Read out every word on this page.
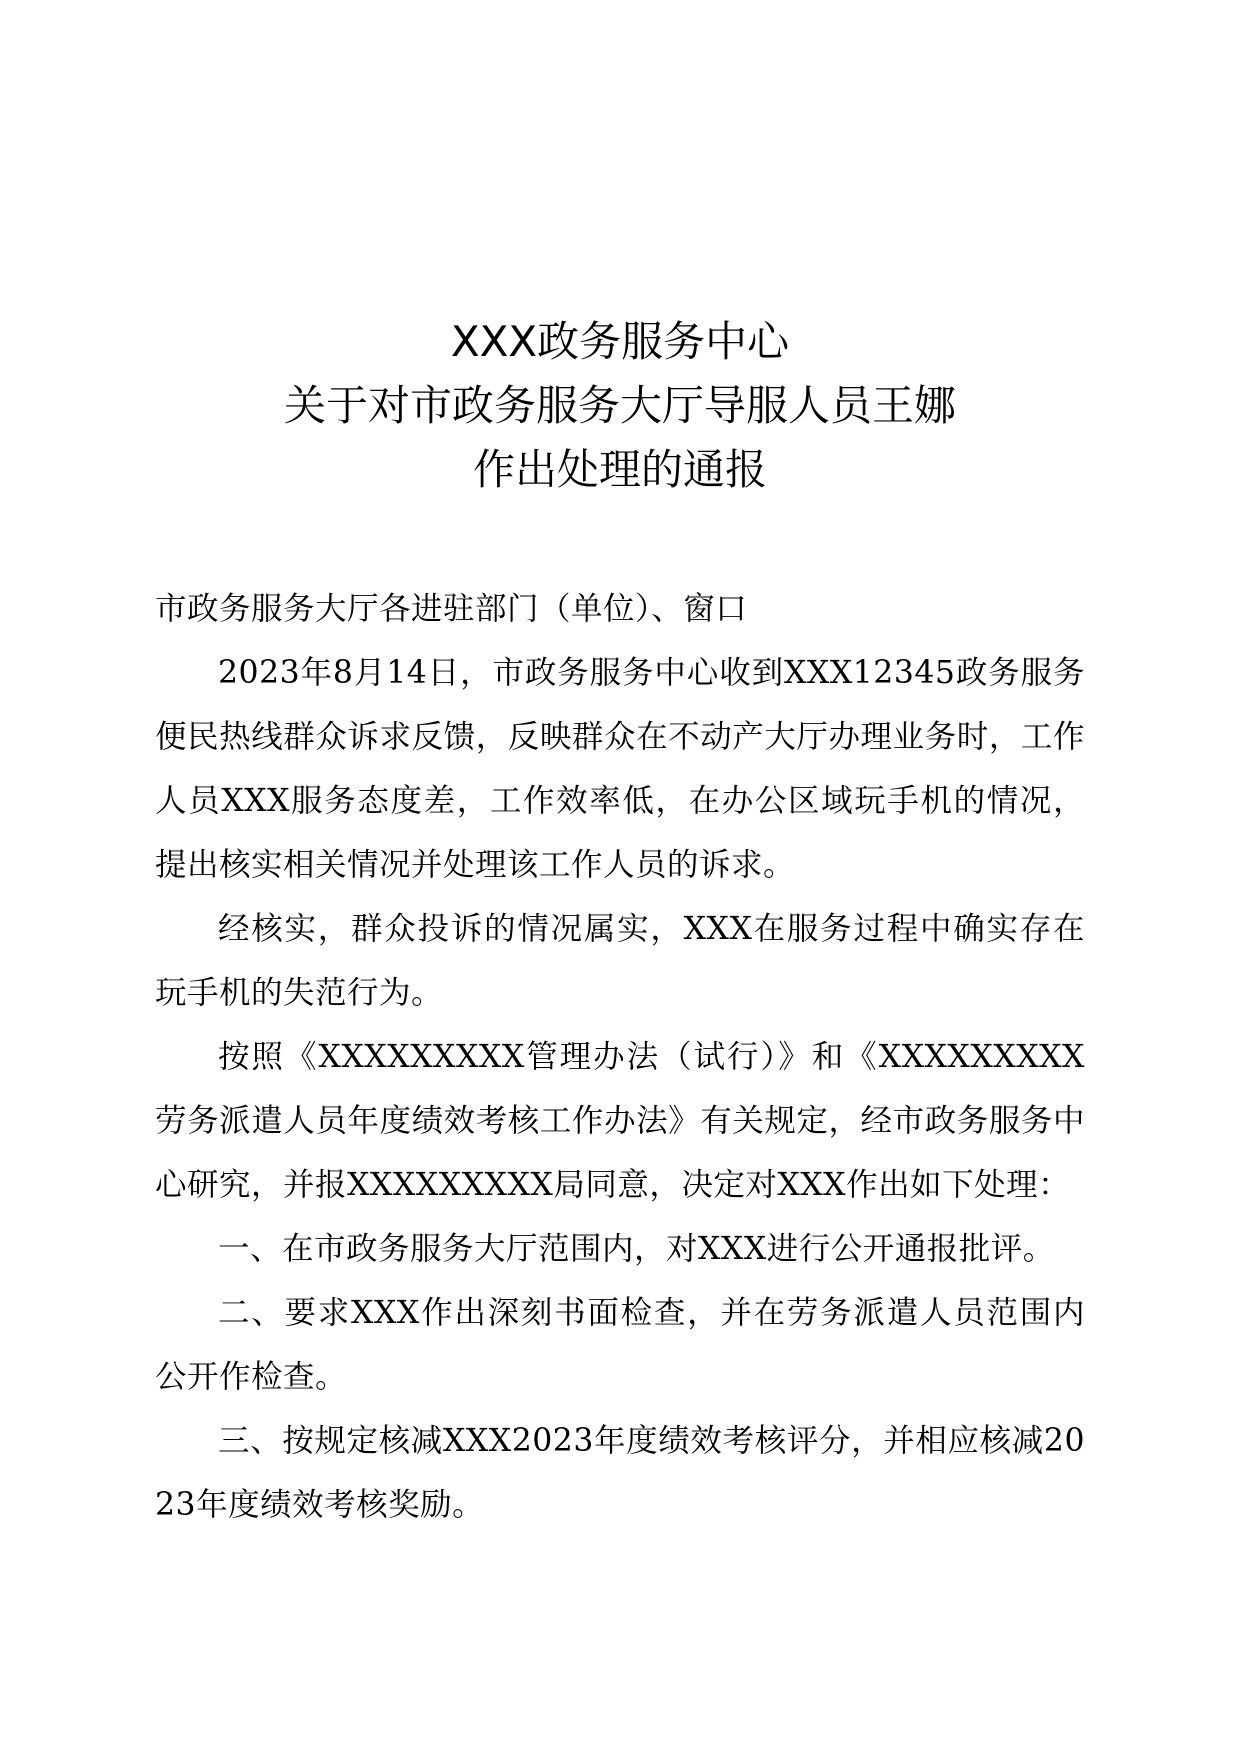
XXX政务服务中心
关于对市政务服务大厅导服人员王娜
作出处理的通报

市政务服务大厅各进驻部门（单位）、窗口

2023年8月14日，市政务服务中心收到XXX12345政务服务便民热线群众诉求反馈，反映群众在不动产大厅办理业务时，工作人员XXX服务态度差，工作效率低，在办公区域玩手机的情况，提出核实相关情况并处理该工作人员的诉求。

经核实，群众投诉的情况属实，XXX在服务过程中确实存在玩手机的失范行为。

按照《XXXXXXXXX管理办法（试行）》和《XXXXXXXXX劳务派遣人员年度绩效考核工作办法》有关规定，经市政务服务中心研究，并报XXXXXXXXX局同意，决定对XXX作出如下处理：

一、在市政务服务大厅范围内，对XXX进行公开通报批评。

二、要求XXX作出深刻书面检查，并在劳务派遣人员范围内公开作检查。

三、按规定核减XXX2023年度绩效考核评分，并相应核减2023年度绩效考核奖励。
